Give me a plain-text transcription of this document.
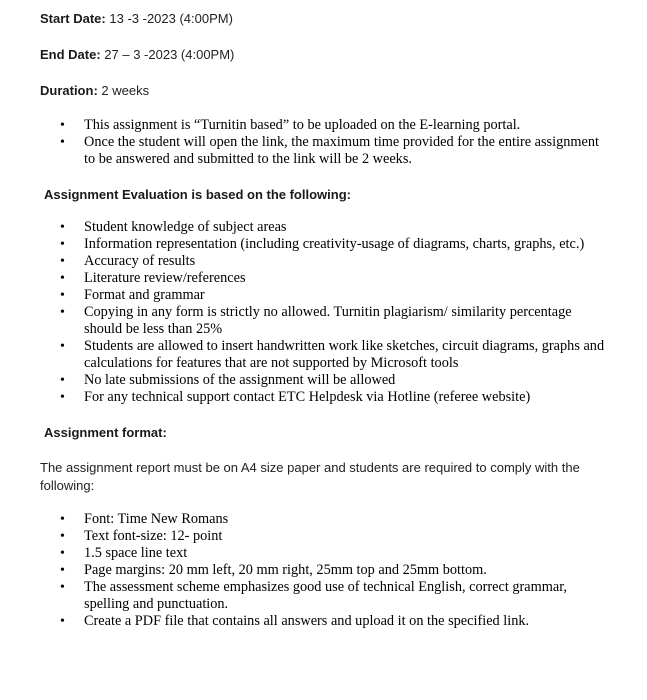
Start Date: 13 -3 -2023 (4:00PM)
End Date: 27 – 3 -2023 (4:00PM)
Duration: 2 weeks
• This assignment is “Turnitin based” to be uploaded on the E-learning portal.
• Once the student will open the link, the maximum time provided for the entire assignment to be answered and submitted to the link will be 2 weeks.
Assignment Evaluation is based on the following:
• Student knowledge of subject areas
• Information representation (including creativity-usage of diagrams, charts, graphs, etc.)
• Accuracy of results
• Literature review/references
• Format and grammar
• Copying in any form is strictly no allowed. Turnitin plagiarism/ similarity percentage should be less than 25%
• Students are allowed to insert handwritten work like sketches, circuit diagrams, graphs and calculations for features that are not supported by Microsoft tools
• No late submissions of the assignment will be allowed
• For any technical support contact ETC Helpdesk via Hotline (referee website)
Assignment format:
The assignment report must be on A4 size paper and students are required to comply with the following:
• Font: Time New Romans
• Text font-size: 12- point
• 1.5 space line text
• Page margins: 20 mm left, 20 mm right, 25mm top and 25mm bottom.
• The assessment scheme emphasizes good use of technical English, correct grammar, spelling and punctuation.
• Create a PDF file that contains all answers and upload it on the specified link.
